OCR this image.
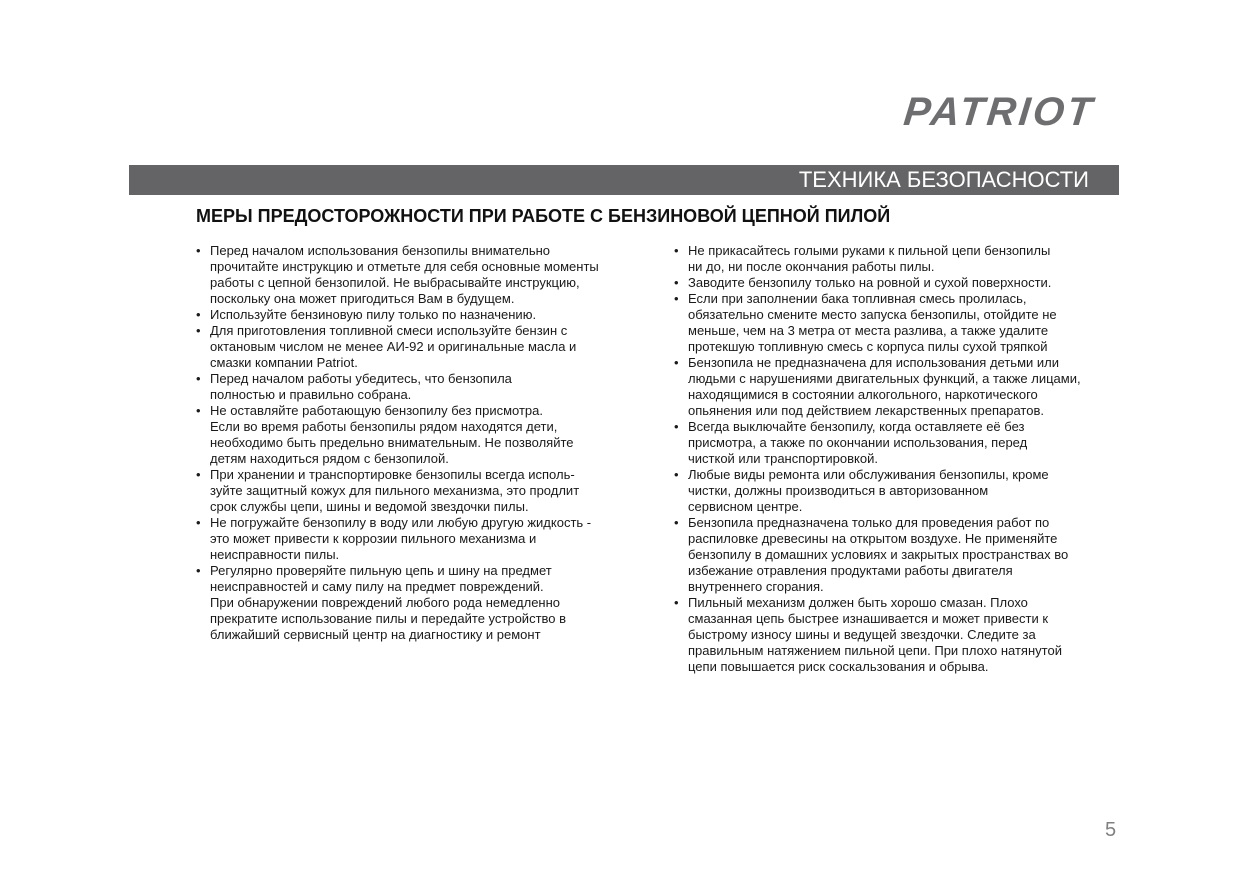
PATRIOT
ТЕХНИКА БЕЗОПАСНОСТИ
МЕРЫ ПРЕДОСТОРОЖНОСТИ ПРИ РАБОТЕ С БЕНЗИНОВОЙ ЦЕПНОЙ ПИЛОЙ
• Перед началом использования бензопилы внимательно
прочитайте инструкцию и отметьте для себя основные моменты
работы с цепной бензопилой. Не выбрасывайте инструкцию,
поскольку она может пригодиться Вам в будущем.
• Используйте бензиновую пилу только по назначению.
• Для приготовления топливной смеси используйте бензин с
октановым числом не менее АИ-92 и оригинальные масла и
смазки компании Patriot.
• Перед началом работы убедитесь, что бензопила
полностью и правильно собрана.
• Не оставляйте работающую бензопилу без присмотра.
Если во время работы бензопилы рядом находятся дети,
необходимо быть предельно внимательным. Не позволяйте
детям находиться рядом с бензопилой.
• При хранении и транспортировке бензопилы всегда исполь-
зуйте защитный кожух для пильного механизма, это продлит
срок службы цепи, шины и ведомой звездочки пилы.
• Не погружайте бензопилу в воду или любую другую жидкость -
это может привести к коррозии пильного механизма и
неисправности пилы.
• Регулярно проверяйте пильную цепь и шину на предмет
неисправностей и саму пилу на предмет повреждений.
При обнаружении повреждений любого рода немедленно
прекратите использование пилы и передайте устройство в
ближайший сервисный центр на диагностику и ремонт
• Не прикасайтесь голыми руками к пильной цепи бензопилы
ни до, ни после окончания работы пилы.
• Заводите бензопилу только на ровной и сухой поверхности.
• Если при заполнении бака топливная смесь пролилась,
обязательно смените место запуска бензопилы, отойдите не
меньше, чем на 3 метра от места разлива, а также удалите
протекшую топливную смесь с корпуса пилы сухой тряпкой
• Бензопила не предназначена для использования детьми или
людьми с нарушениями двигательных функций, а также лицами,
находящимися в состоянии алкогольного, наркотического
опьянения или под действием лекарственных препаратов.
• Всегда выключайте бензопилу, когда оставляете её без
присмотра, а также по окончании использования, перед
чисткой или транспортировкой.
• Любые виды ремонта или обслуживания бензопилы, кроме
чистки, должны производиться в авторизованном
сервисном центре.
• Бензопила предназначена только для проведения работ по
распиловке древесины на открытом воздухе. Не применяйте
бензопилу в домашних условиях и закрытых пространствах во
избежание отравления продуктами работы двигателя
внутреннего сгорания.
• Пильный механизм должен быть хорошо смазан. Плохо
смазанная цепь быстрее изнашивается и может привести к
быстрому износу шины и ведущей звездочки. Следите за
правильным натяжением пильной цепи. При плохо натянутой
цепи повышается риск соскальзования и обрыва.
5
